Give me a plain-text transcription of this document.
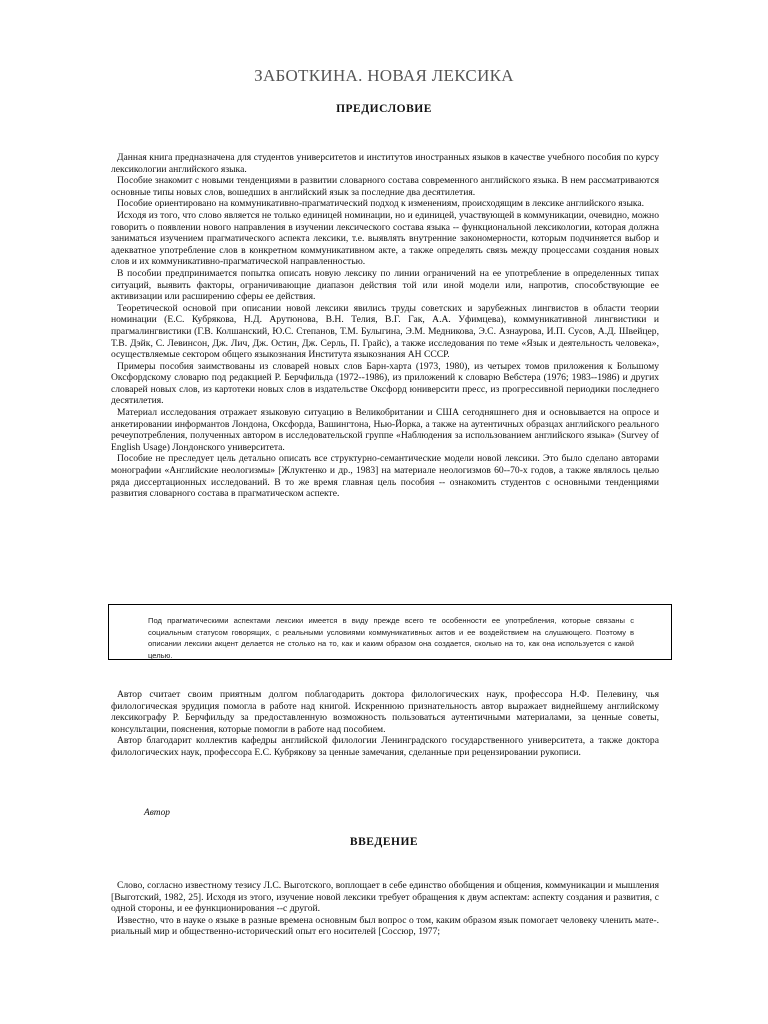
ЗАБОТКИНА. НОВАЯ ЛЕКСИКА
ПРЕДИСЛОВИЕ

Данная книга предназначена для студентов университетов и институтов иностранных языков в качестве учебного пособия по курсу лексикологии английского языка.

Пособие знакомит с новыми тенденциями в развитии словарного состава современного английского языка. В нем рассматриваются основные типы новых слов, вошедших в английский язык за последние два десятилетия.

Пособие ориентировано на коммуникативно-прагматический подход к изменениям, происходящим в лексике английского языка.

Исходя из того, что слово является не только единицей номинации, но и единицей, участвующей в коммуникации, очевидно, можно говорить о появлении нового направления в изучении лексического состава языка -- функциональной лексикологии, которая должна заниматься изучением прагматического аспекта лексики, т.е. выявлять внутренние закономерности, которым подчиняется выбор и адекватное употребление слов в конкретном коммуникативном акте, а также определять связь между процессами создания новых слов и их коммуникативно-прагматической направленностью.

В пособии предпринимается попытка описать новую лексику по линии ограничений на ее употребление в определенных типах ситуаций, выявить факторы, ограничивающие диапазон действия той или иной модели или, напротив, способствующие ее активизации или расширению сферы ее действия.

Теоретической основой при описании новой лексики явились труды советских и зарубежных лингвистов в области теории номинации (Е.С. Кубрякова, Н.Д. Арутюнова, В.Н. Телия, В.Г. Гак, А.А. Уфимцева), коммуникативной лингвистики и прагмалингвистики (Г.В. Колшанский, Ю.С. Степанов, Т.М. Булыгина, Э.М. Медникова, Э.С. Азнаурова, И.П. Сусов, А.Д. Швейцер, Т.В. Дэйк, С. Левинсон, Дж. Лич, Дж. Остин, Дж. Серль, П. Грайс), а также исследования по теме «Язык и деятельность человека», осуществляемые сектором общего языкознания Института языкознания АН СССР.

Примеры пособия заимствованы из словарей новых слов Барн-харта (1973, 1980), из четырех томов приложения к Большому Оксфордскому словарю под редакцией Р. Берчфильда (1972--1986), из приложений к словарю Вебстера (1976; 1983--1986) и других словарей новых слов, из картотеки новых слов в издательстве Оксфорд юниверсити пресс, из прогрессивной периодики последнего десятилетия.

Материал исследования отражает языковую ситуацию в Великобритании и США сегодняшнего дня и основывается на опросе и анкетировании информантов Лондона, Оксфорда, Вашингтона, Нью-Йорка, а также на аутентичных образцах английского реального речеупотребления, полученных автором в исследовательской группе «Наблюдения за использованием английского языка» (Survey of English Usage) Лондонского университета.

Пособие не преследует цель детально описать все структурно-семантические модели новой лексики. Это было сделано авторами монографии «Английские неологизмы» [Жлуктенко и др., 1983] на материале неологизмов 60--70-х годов, а также являлось целью ряда диссертационных исследований. В то же время главная цель пособия -- ознакомить студентов с основными тенденциями развития словарного состава в прагматическом аспекте.

Под прагматическими аспектами лексики имеется в виду прежде всего те особенности ее употребления, которые связаны с социальным статусом говорящих, с реальными условиями коммуникативных актов и ее воздействием на слушающего. Поэтому в описании лексики акцент делается не столько на то, как и каким образом она создается, сколько на то, как она используется с какой целью.

Автор считает своим приятным долгом поблагодарить доктора филологических наук, профессора Н.Ф. Пелевину, чья филологическая эрудиция помогла в работе над книгой. Искреннюю признательность автор выражает виднейшему английскому лексикографу Р. Берчфильду за предоставленную возможность пользоваться аутентичными материалами, за ценные советы, консультации, пояснения, которые помогли в работе над пособием.

Автор благодарит коллектив кафедры английской филологии Ленинградского государственного университета, а также доктора филологических наук, профессора Е.С. Кубрякову за ценные замечания, сделанные при рецензировании рукописи.

Автор
ВВЕДЕНИЕ

Слово, согласно известному тезису Л.С. Выготского, воплощает в себе единство обобщения и общения, коммуникации и мышления [Выготский, 1982, 25]. Исходя из этого, изучение новой лексики требует обращения к двум аспектам: аспекту создания и развития, с одной стороны, и ее функционирования --с другой.

Известно, что в науке о языке в разные времена основным был вопрос о том, каким образом язык помогает человеку членить мате-. риальный мир и общественно-исторический опыт его носителей [Соссюр, 1977;
